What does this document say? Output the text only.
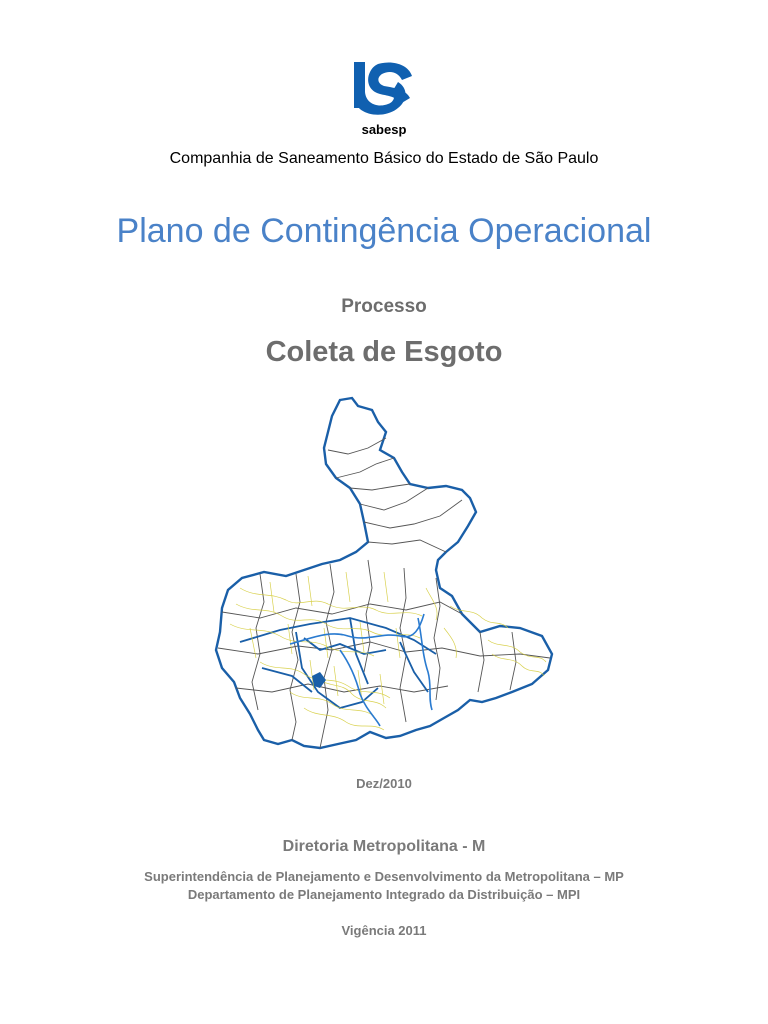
sabesp
Companhia de Saneamento Básico do Estado de São Paulo
Plano de Contingência Operacional
Processo
Coleta de Esgoto
Dez/2010
Diretoria Metropolitana - M
Superintendência de Planejamento e Desenvolvimento da Metropolitana – MP
Departamento de Planejamento Integrado da Distribuição – MPI
Vigência 2011
